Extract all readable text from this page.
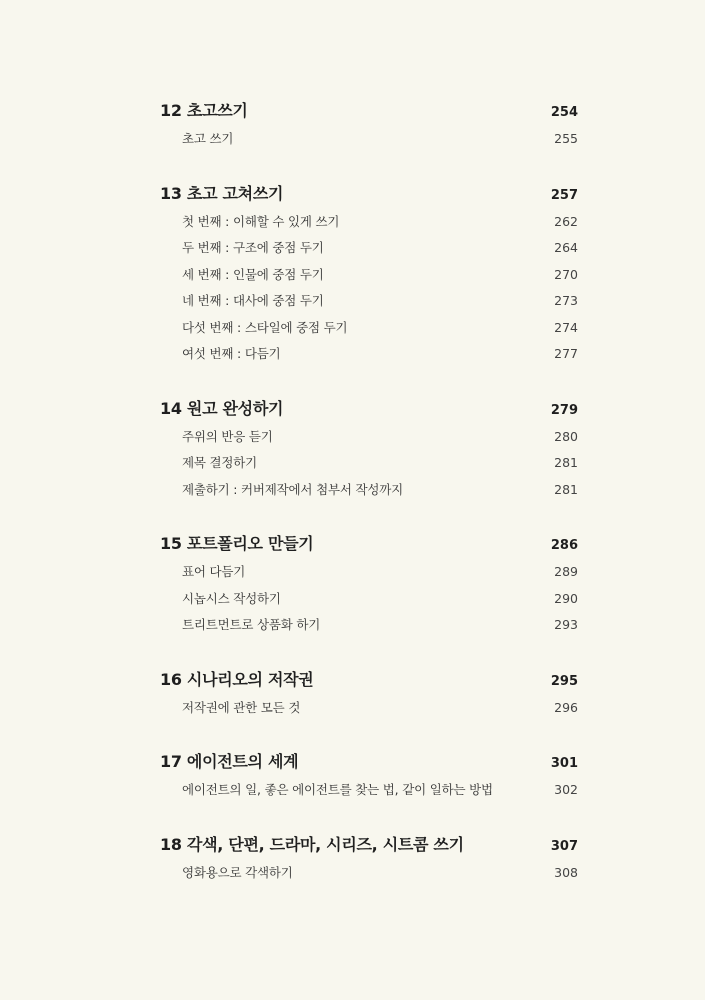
12 초고쓰기	254
초고 쓰기	255
13 초고 고쳐쓰기	257
첫 번째 : 이해할 수 있게 쓰기	262
두 번째 : 구조에 중점 두기	264
세 번째 : 인물에 중점 두기	270
네 번째 : 대사에 중점 두기	273
다섯 번째 : 스타일에 중점 두기	274
여섯 번째 : 다듬기	277
14 원고 완성하기	279
주위의 반응 듣기	280
제목 결정하기	281
제출하기 : 커버제작에서 첨부서 작성까지	281
15 포트폴리오 만들기	286
표어 다듬기	289
시놉시스 작성하기	290
트리트먼트로 상품화 하기	293
16 시나리오의 저작권	295
저작권에 관한 모든 것	296
17 에이전트의 세계	301
에이전트의 일, 좋은 에이전트를 찾는 법, 같이 일하는 방법	302
18 각색, 단편, 드라마, 시리즈, 시트콤 쓰기	307
영화용으로 각색하기	308
